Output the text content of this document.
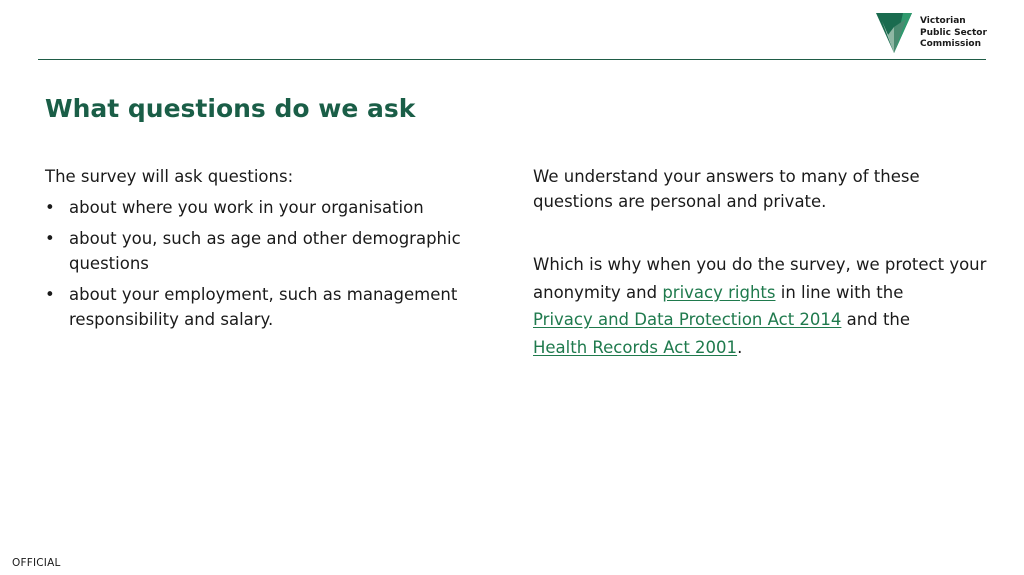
Victorian
Public Sector
Commission
What questions do we ask

The survey will ask questions:

• about where you work in your organisation
• about you, such as age and other demographic questions
• about your employment, such as management responsibility and salary.

We understand your answers to many of these questions are personal and private.

Which is why when you do the survey, we protect your anonymity and privacy rights in line with the
Privacy and Data Protection Act 2014 and the
Health Records Act 2001.

OFFICIAL
